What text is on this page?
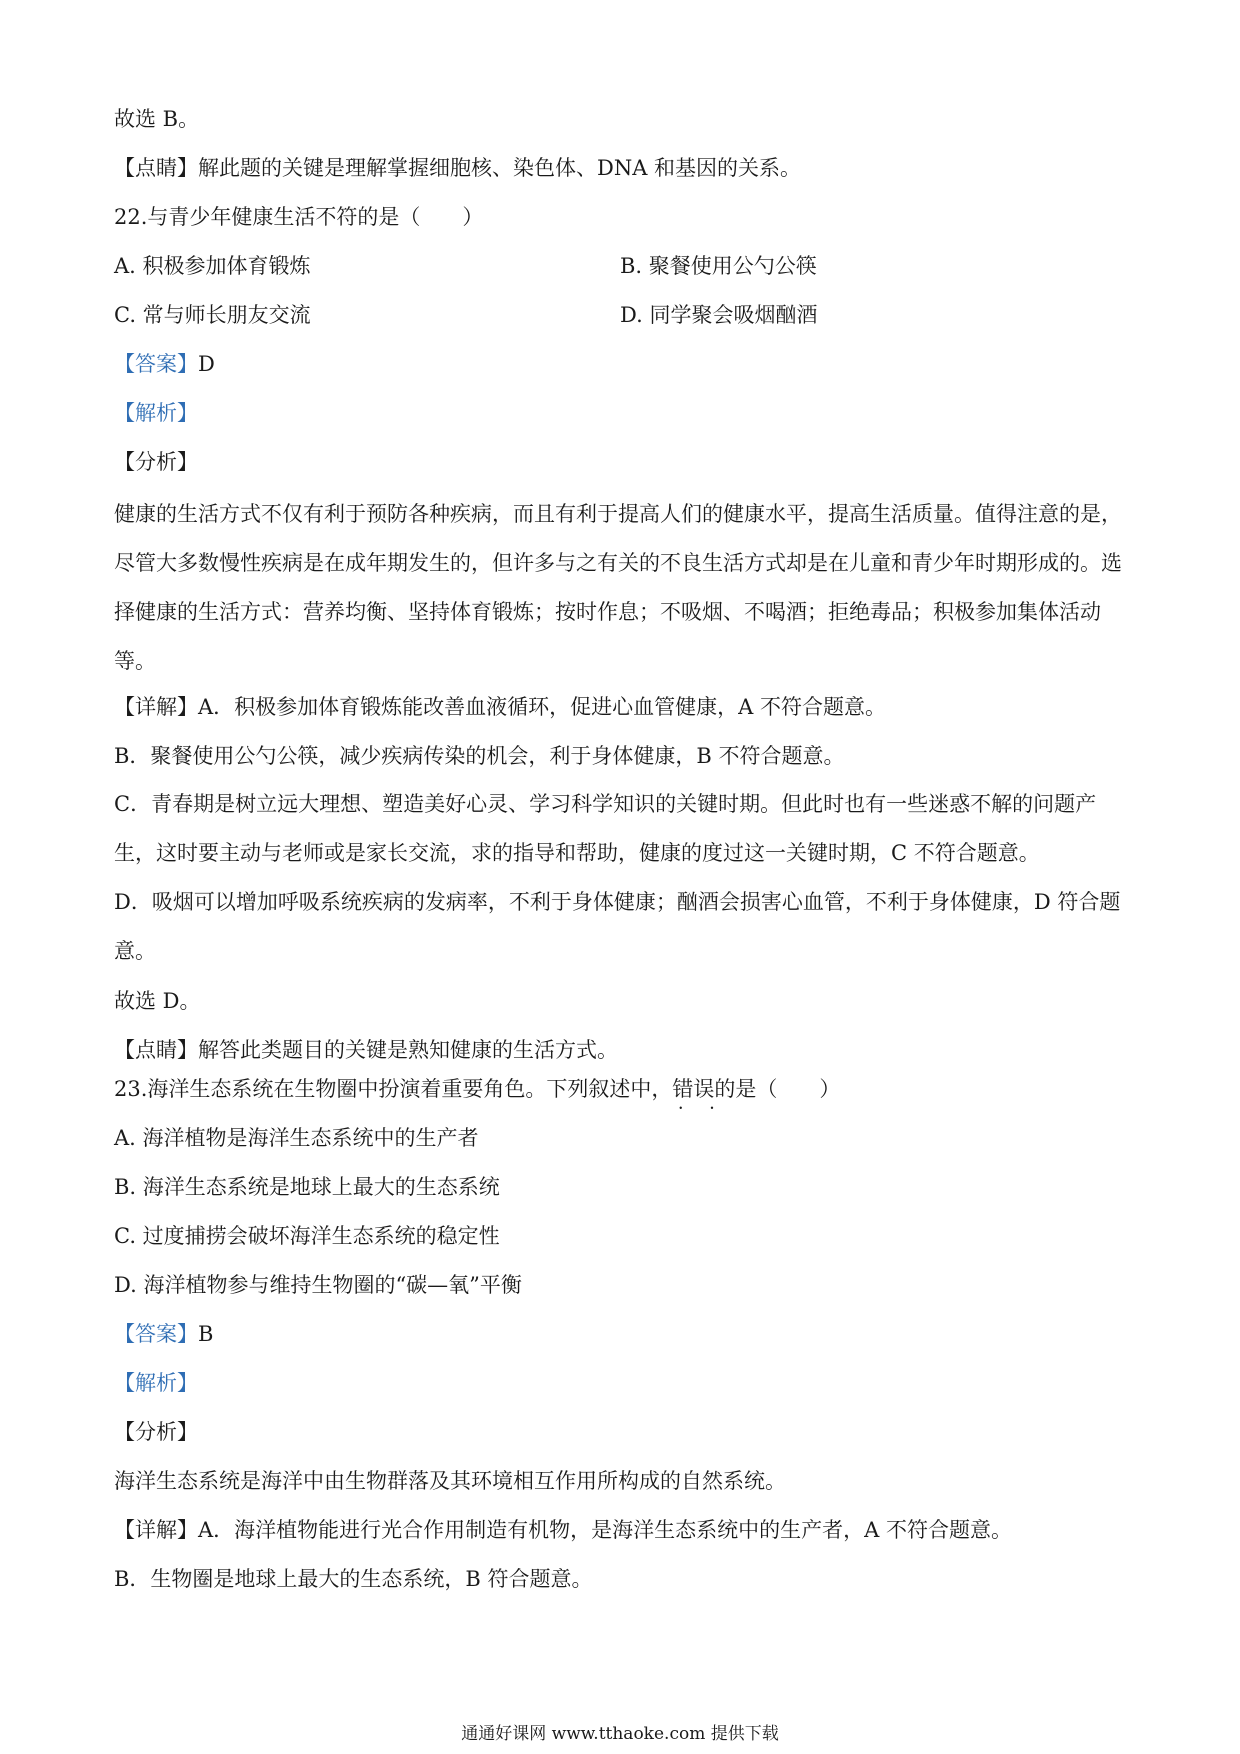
故选 B。
【点睛】解此题的关键是理解掌握细胞核、染色体、DNA 和基因的关系。
22.与青少年健康生活不符的是（　　）
A. 积极参加体育锻炼	B. 聚餐使用公勺公筷
C. 常与师长朋友交流	D. 同学聚会吸烟酗酒
【答案】D
【解析】
【分析】
健康的生活方式不仅有利于预防各种疾病，而且有利于提高人们的健康水平，提高生活质量。值得注意的是，尽管大多数慢性疾病是在成年期发生的，但许多与之有关的不良生活方式却是在儿童和青少年时期形成的。选择健康的生活方式：营养均衡、坚持体育锻炼；按时作息；不吸烟、不喝酒；拒绝毒品；积极参加集体活动等。
【详解】A．积极参加体育锻炼能改善血液循环，促进心血管健康，A 不符合题意。
B．聚餐使用公勺公筷，减少疾病传染的机会，利于身体健康，B 不符合题意。
C．青春期是树立远大理想、塑造美好心灵、学习科学知识的关键时期。但此时也有一些迷惑不解的问题产生，这时要主动与老师或是家长交流，求的指导和帮助，健康的度过这一关键时期，C 不符合题意。
D．吸烟可以增加呼吸系统疾病的发病率，不利于身体健康；酗酒会损害心血管，不利于身体健康，D 符合题意。
故选 D。
【点睛】解答此类题目的关键是熟知健康的生活方式。
23.海洋生态系统在生物圈中扮演着重要角色。下列叙述中，错误 • •的是（　　）
A. 海洋植物是海洋生态系统中的生产者
B. 海洋生态系统是地球上最大的生态系统
C. 过度捕捞会破坏海洋生态系统的稳定性
D. 海洋植物参与维持生物圈的“碳—氧”平衡
【答案】B
【解析】
【分析】
海洋生态系统是海洋中由生物群落及其环境相互作用所构成的自然系统。
【详解】A．海洋植物能进行光合作用制造有机物，是海洋生态系统中的生产者，A 不符合题意。
B．生物圈是地球上最大的生态系统，B 符合题意。
通通好课网 www.tthaoke.com 提供下载
